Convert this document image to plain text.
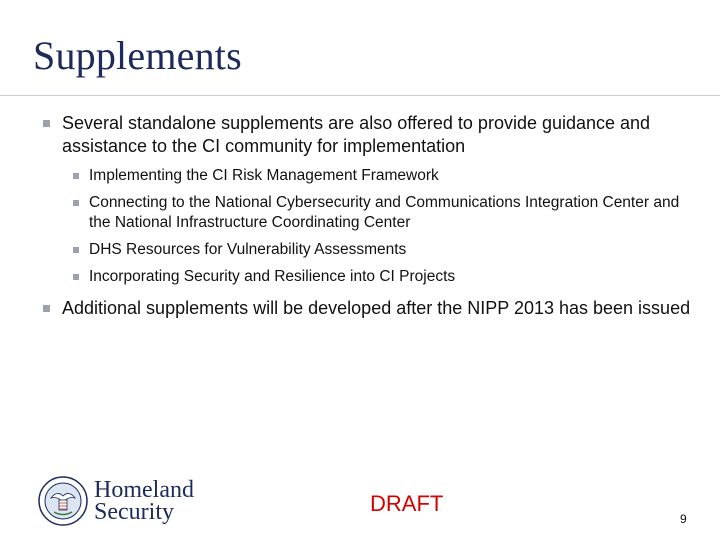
Supplements
Several standalone supplements are also offered to provide guidance and assistance to the CI community for implementation
Implementing the CI Risk Management Framework
Connecting to the National Cybersecurity and Communications Integration Center and the National Infrastructure Coordinating Center
DHS Resources for Vulnerability Assessments
Incorporating Security and Resilience into CI Projects
Additional supplements will be developed after the NIPP 2013 has been issued
Homeland
Security	DRAFT
9
